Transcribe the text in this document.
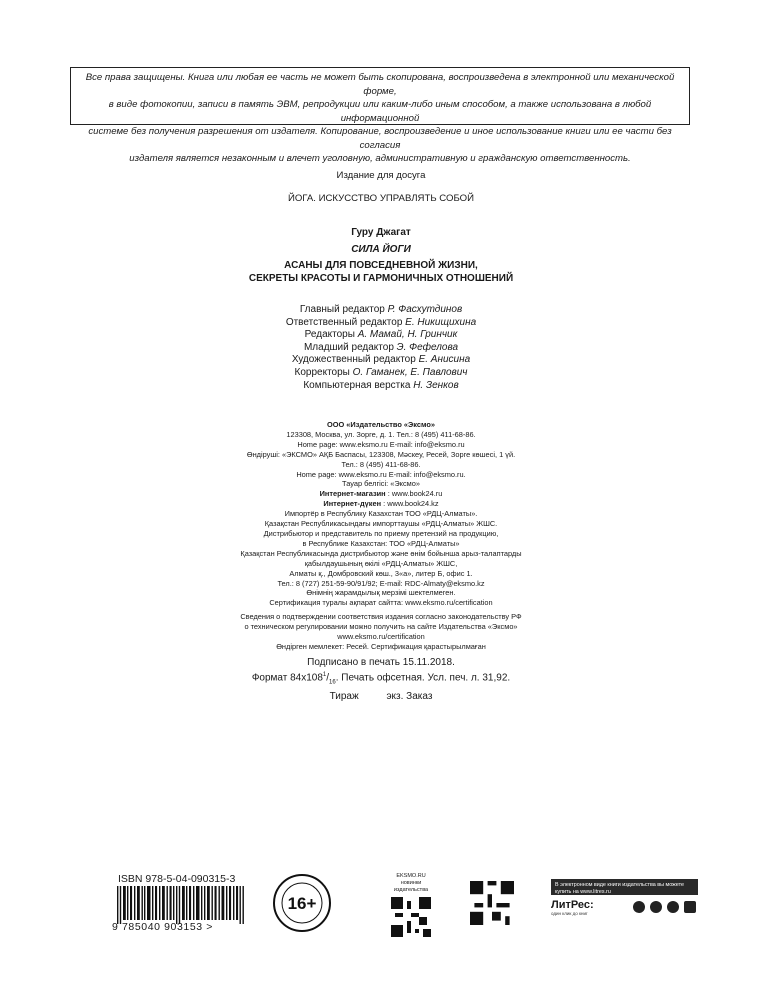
Все права защищены. Книга или любая ее часть не может быть скопирована, воспроизведена в электронной или механической форме,
в виде фотокопии, записи в память ЭВМ, репродукции или каким-либо иным способом, а также использована в любой информационной
системе без получения разрешения от издателя. Копирование, воспроизведение и иное использование книги или ее части без согласия
издателя является незаконным и влечет уголовную, административную и гражданскую ответственность.
Издание для досуга
ЙОГА. ИСКУССТВО УПРАВЛЯТЬ СОБОЙ
Гуру Джагат
СИЛА ЙОГИ
АСАНЫ ДЛЯ ПОВСЕДНЕВНОЙ ЖИЗНИ,
СЕКРЕТЫ КРАСОТЫ И ГАРМОНИЧНЫХ ОТНОШЕНИЙ
Главный редактор Р. Фасхутдинов
Ответственный редактор Е. Никищихина
Редакторы А. Мамай, Н. Гринчик
Младший редактор Э. Фефелова
Художественный редактор Е. Анисина
Корректоры О. Гаманек, Е. Павлович
Компьютерная верстка Н. Зенков
ООО «Издательство «Эксмо»
123308, Москва, ул. Зорге, д. 1. Тел.: 8 (495) 411-68-86.
Home page: www.eksmo.ru E-mail: info@eksmo.ru
Өндіруші: «ЭКСМО» АҚБ Баспасы, 123308, Мәскеу, Ресей, Зорге көшесі, 1 үй.
Тел.: 8 (495) 411-68-86.
Home page: www.eksmo.ru E-mail: info@eksmo.ru.
Тауар белгісі: «Эксмо»
Интернет-магазин : www.book24.ru
Интернет-дүкен : www.book24.kz
Импортёр в Республику Казахстан ТОО «РДЦ-Алматы».
Қазақстан Республикасындағы импорттаушы «РДЦ-Алматы» ЖШС.
Дистрибьютор и представитель по приему претензий на продукцию,
в Республике Казахстан: ТОО «РДЦ-Алматы»
Қазақстан Республикасында дистрибьютор және өнім бойынша арыз-талаптарды
қабылдаушының өкілі «РДЦ-Алматы» ЖШС,
Алматы қ., Домбровский көш., 3«а», литер Б, офис 1.
Тел.: 8 (727) 251-59-90/91/92; E-mail: RDC-Almaty@eksmo.kz
Өнімнің жарамдылық мерзімі шектелмеген.
Сертификация туралы ақпарат сайтта: www.eksmo.ru/certification
Сведения о подтверждении соответствия издания согласно законодательству РФ
о техническом регулировании можно получить на сайте Издательства «Эксмо»
www.eksmo.ru/certification
Өндірген мемлекет: Ресей. Сертификация қарастырылмаған
Подписано в печать 15.11.2018.
Формат $84x108^1/_{16}$. Печать офсетная. Усл. печ. л. 31,92.
Тираж          экз. Заказ
ISBN 978-5-04-090315-3
9 785040 903153 >
16+
EKSMO.RU
новинки издательства
В электронном виде книги издательства вы можете купить на www.litres.ru
ЛитРес:
один клик до книг
